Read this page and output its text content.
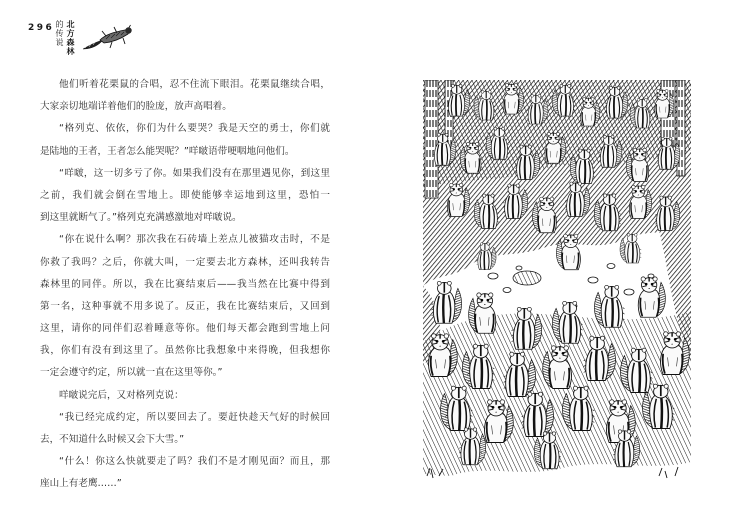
296 北方森林
的传说
他们听着花栗鼠的合唱，忍不住流下眼泪。花栗鼠继续合唱，
大家亲切地端详着他们的脸庞，放声高唱着。
“格列克、依依，你们为什么要哭？我是天空的勇士，你们就
是陆地的王者，王者怎么能哭呢？”咩啵语带哽咽地问他们。
“咩啵，这一切多亏了你。如果我们没有在那里遇见你，到这里
之前，我们就会倒在雪地上。即使能够幸运地到这里，恐怕一
到这里就断气了。”格列克充满感激地对咩啵说。
“你在说什么啊？那次我在石砖墙上差点儿被猫攻击时，不是
你救了我吗？之后，你就大叫，一定要去北方森林，还叫我转告
森林里的同伴。所以，我在比赛结束后——我当然在比赛中得到
第一名，这种事就不用多说了。反正，我在比赛结束后，又回到
这里，请你的同伴们忍着睡意等你。他们每天都会跑到雪地上问
我，你们有没有到这里了。虽然你比我想象中来得晚，但我想你
一定会遵守约定，所以就一直在这里等你。”
咩啵说完后，又对格列克说：
“我已经完成约定，所以要回去了。要赶快趁天气好的时候回
去，不知道什么时候又会下大雪。”
“什么！你这么快就要走了吗？我们不是才刚见面？而且，那
座山上有老鹰……”
